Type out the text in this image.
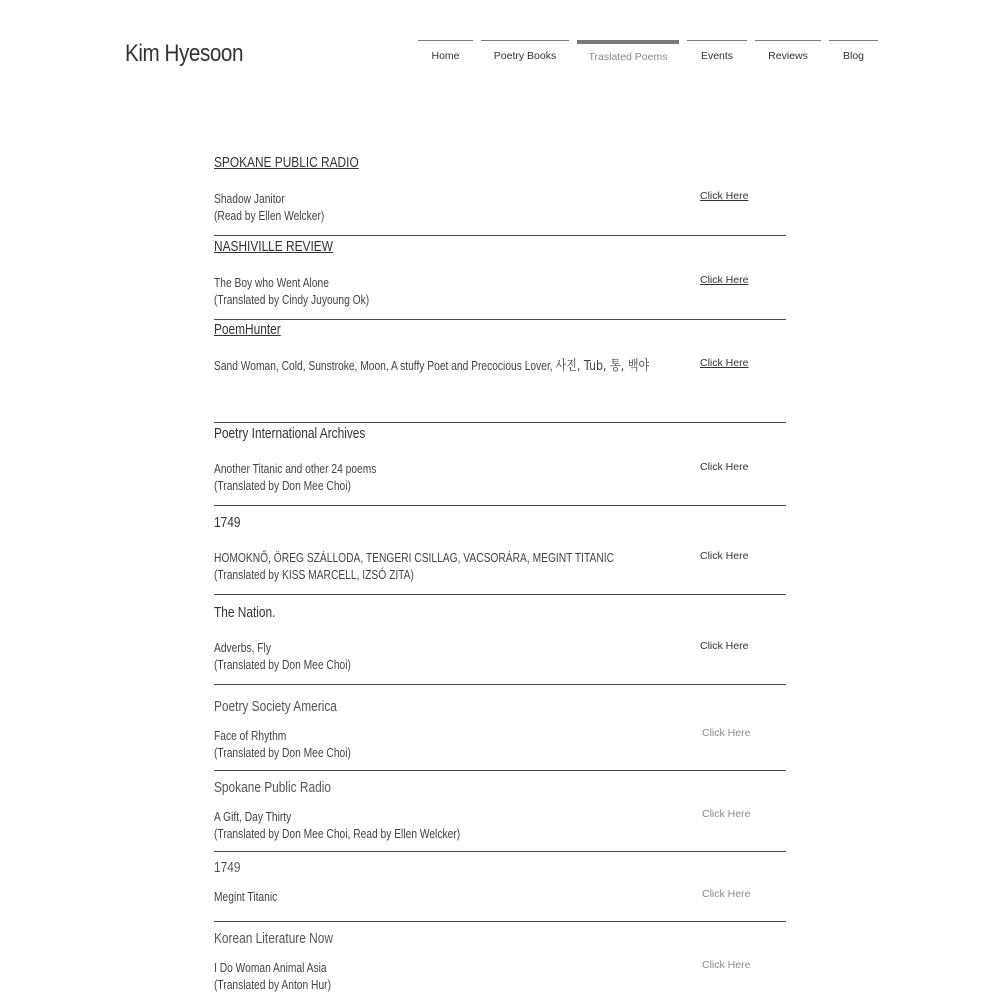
Kim Hyesoon	Home	Poetry Books	Traslated Poems	Events	Reviews	Blog
SPOKANE PUBLIC RADIO
Shadow Janitor
(Read by Ellen Welcker)
Click Here
NASHIVILLE REVIEW
The Boy who Went Alone
(Translated by Cindy Juyoung Ok)
Click Here
PoemHunter
Sand Woman, Cold, Sunstroke, Moon, A stuffy Poet and Precocious Lover, 사진, Tub, 통, 백야	Click Here
Poetry International Archives
Another Titanic and other 24 poems
(Translated by Don Mee Choi)
Click Here
1749
HOMOKNŐ, ÖREG SZÁLLODA, TENGERI CSILLAG, VACSORÁRA, MEGINT TITANIC
(Translated by KISS MARCELL, IZSÓ ZITA)
Click Here
The Nation.
Adverbs, Fly
(Translated by Don Mee Choi)
Click Here
Poetry Society America
Face of Rhythm
(Translated by Don Mee Choi)
Click Here
Spokane Public Radio
A Gift, Day Thirty
(Translated by Don Mee Choi, Read by Ellen Welcker)
Click Here
1749
Megint Titanic	Click Here
Korean Literature Now
I Do Woman Animal Asia
(Translated by Anton Hur)
Click Here
